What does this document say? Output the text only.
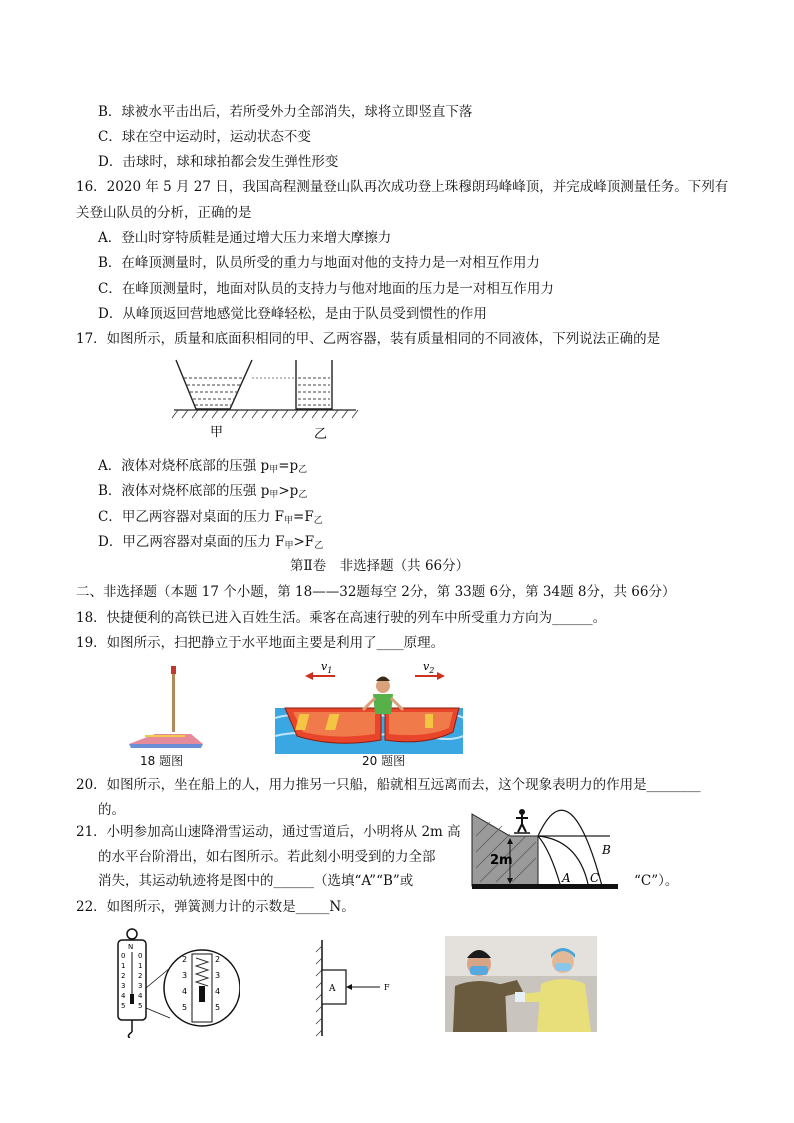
B．球被水平击出后，若所受外力全部消失，球将立即竖直下落
C．球在空中运动时，运动状态不变
D．击球时，球和球拍都会发生弹性形变
16．2020 年 5 月 27 日，我国高程测量登山队再次成功登上珠穆朗玛峰峰顶，并完成峰顶测量任务。下列有
关登山队员的分析，正确的是
A．登山时穿特质鞋是通过增大压力来增大摩擦力
B．在峰顶测量时，队员所受的重力与地面对他的支持力是一对相互作用力
C．在峰顶测量时，地面对队员的支持力与他对地面的压力是一对相互作用力
D．从峰顶返回营地感觉比登峰轻松，是由于队员受到惯性的作用
17．如图所示，质量和底面积相同的甲、乙两容器，装有质量相同的不同液体，下列说法正确的是
甲	乙
A．液体对烧杯底部的压强 $p_甲=p_乙$
B．液体对烧杯底部的压强 $p_甲>p_乙$
C．甲乙两容器对桌面的压力 $F_甲=F_乙$
D．甲乙两容器对桌面的压力 $F_甲>F_乙$
第Ⅱ卷　非选择题（共 66分）
二、非选择题（本题 17 个小题，第 18——32题每空 2分，第 33题 6分，第 34题 8分，共 66分）
18．快捷便利的高铁已进入百姓生活。乘客在高速行驶的列车中所受重力方向为______。
19．如图所示，扫把静立于水平地面主要是利用了____原理。
$v_1$	$v_2$
18 题图	20 题图
20．如图所示，坐在船上的人，用力推另一只船，船就相互远离而去，这个现象表明力的作用是________
的。
21．小明参加高山速降滑雪运动，通过雪道后，小明将从 2m 高
的水平台阶滑出，如右图所示。若此刻小明受到的力全部
消失，其运动轨迹将是图中的______（选填“A”“B”或	“C”）。
2m
B
A C
22．如图所示，弹簧测力计的示数是_____N。
N
0
1
2
3
4
5
0
1
2
3
4
5
2
3
4
5
2
3
4
5
A	F
